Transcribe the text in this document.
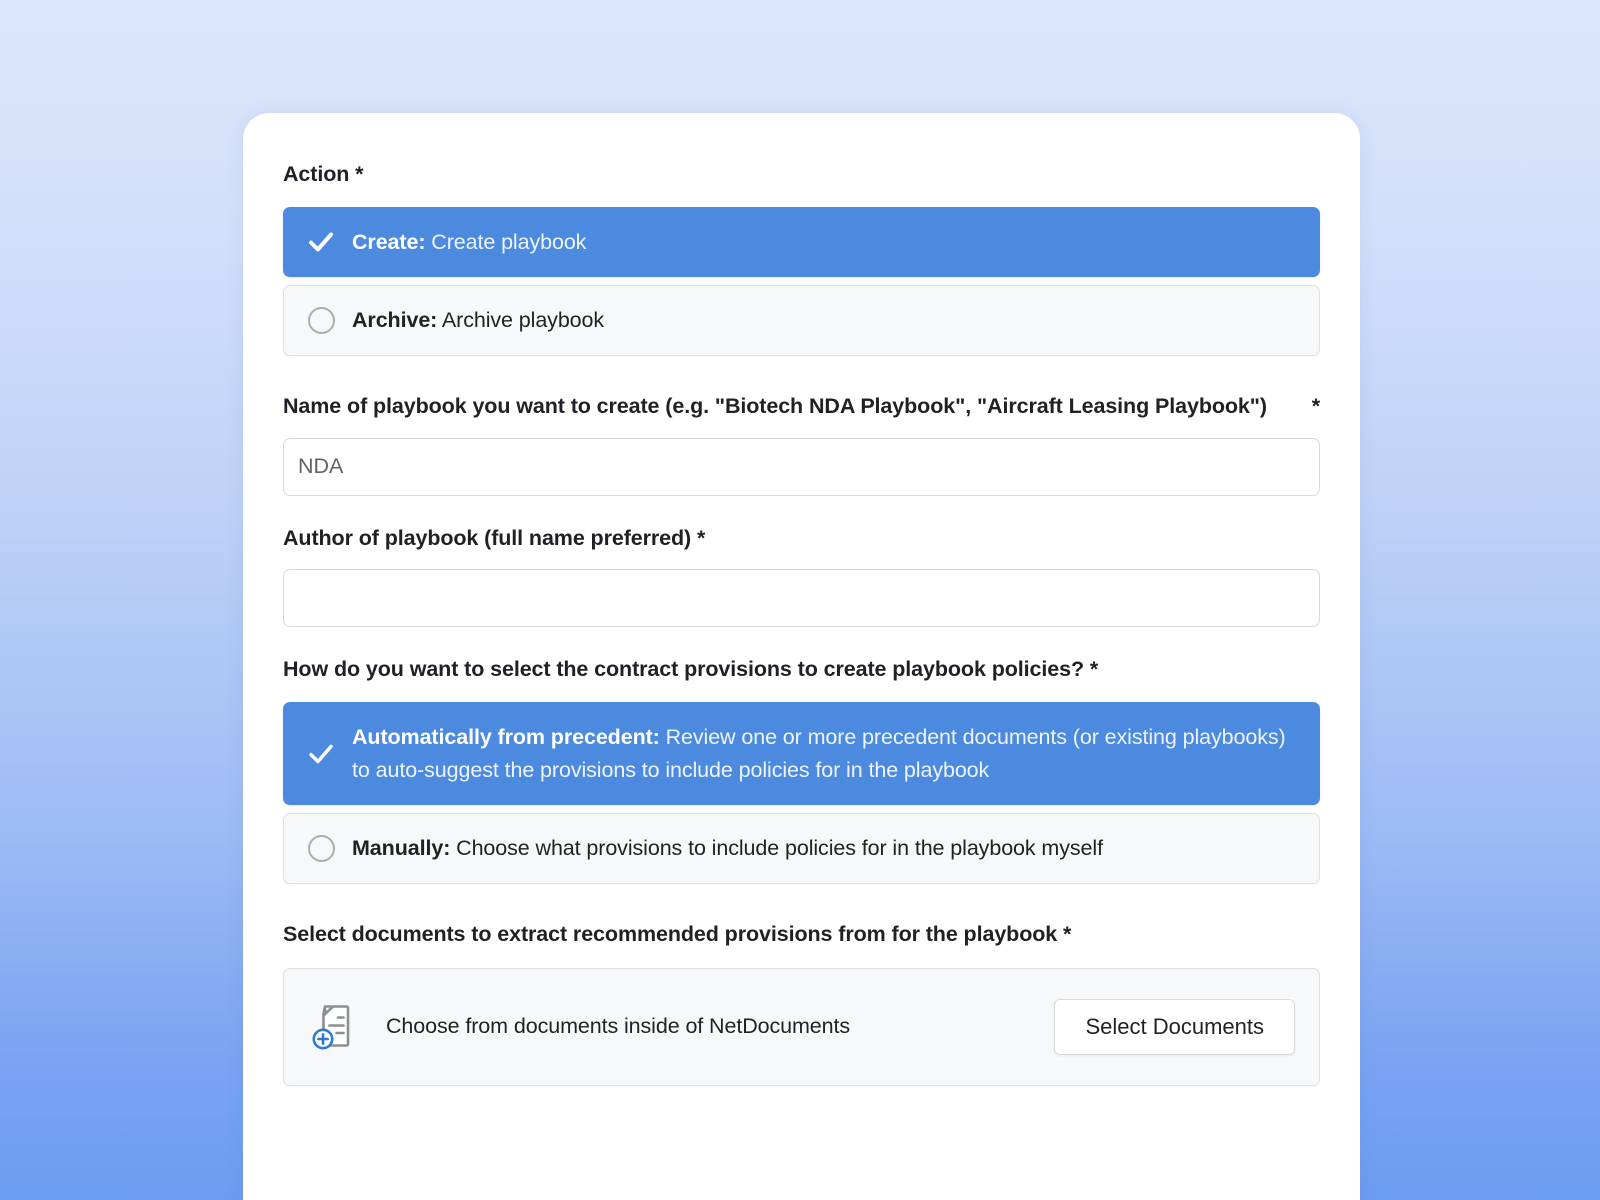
Action *
Create: Create playbook
Archive: Archive playbook
Name of playbook you want to create (e.g. "Biotech NDA Playbook", "Aircraft Leasing Playbook") *
NDA
Author of playbook (full name preferred) *
How do you want to select the contract provisions to create playbook policies? *
Automatically from precedent: Review one or more precedent documents (or existing playbooks) to auto-suggest the provisions to include policies for in the playbook
Manually: Choose what provisions to include policies for in the playbook myself
Select documents to extract recommended provisions from for the playbook *
Choose from documents inside of NetDocuments	Select Documents
